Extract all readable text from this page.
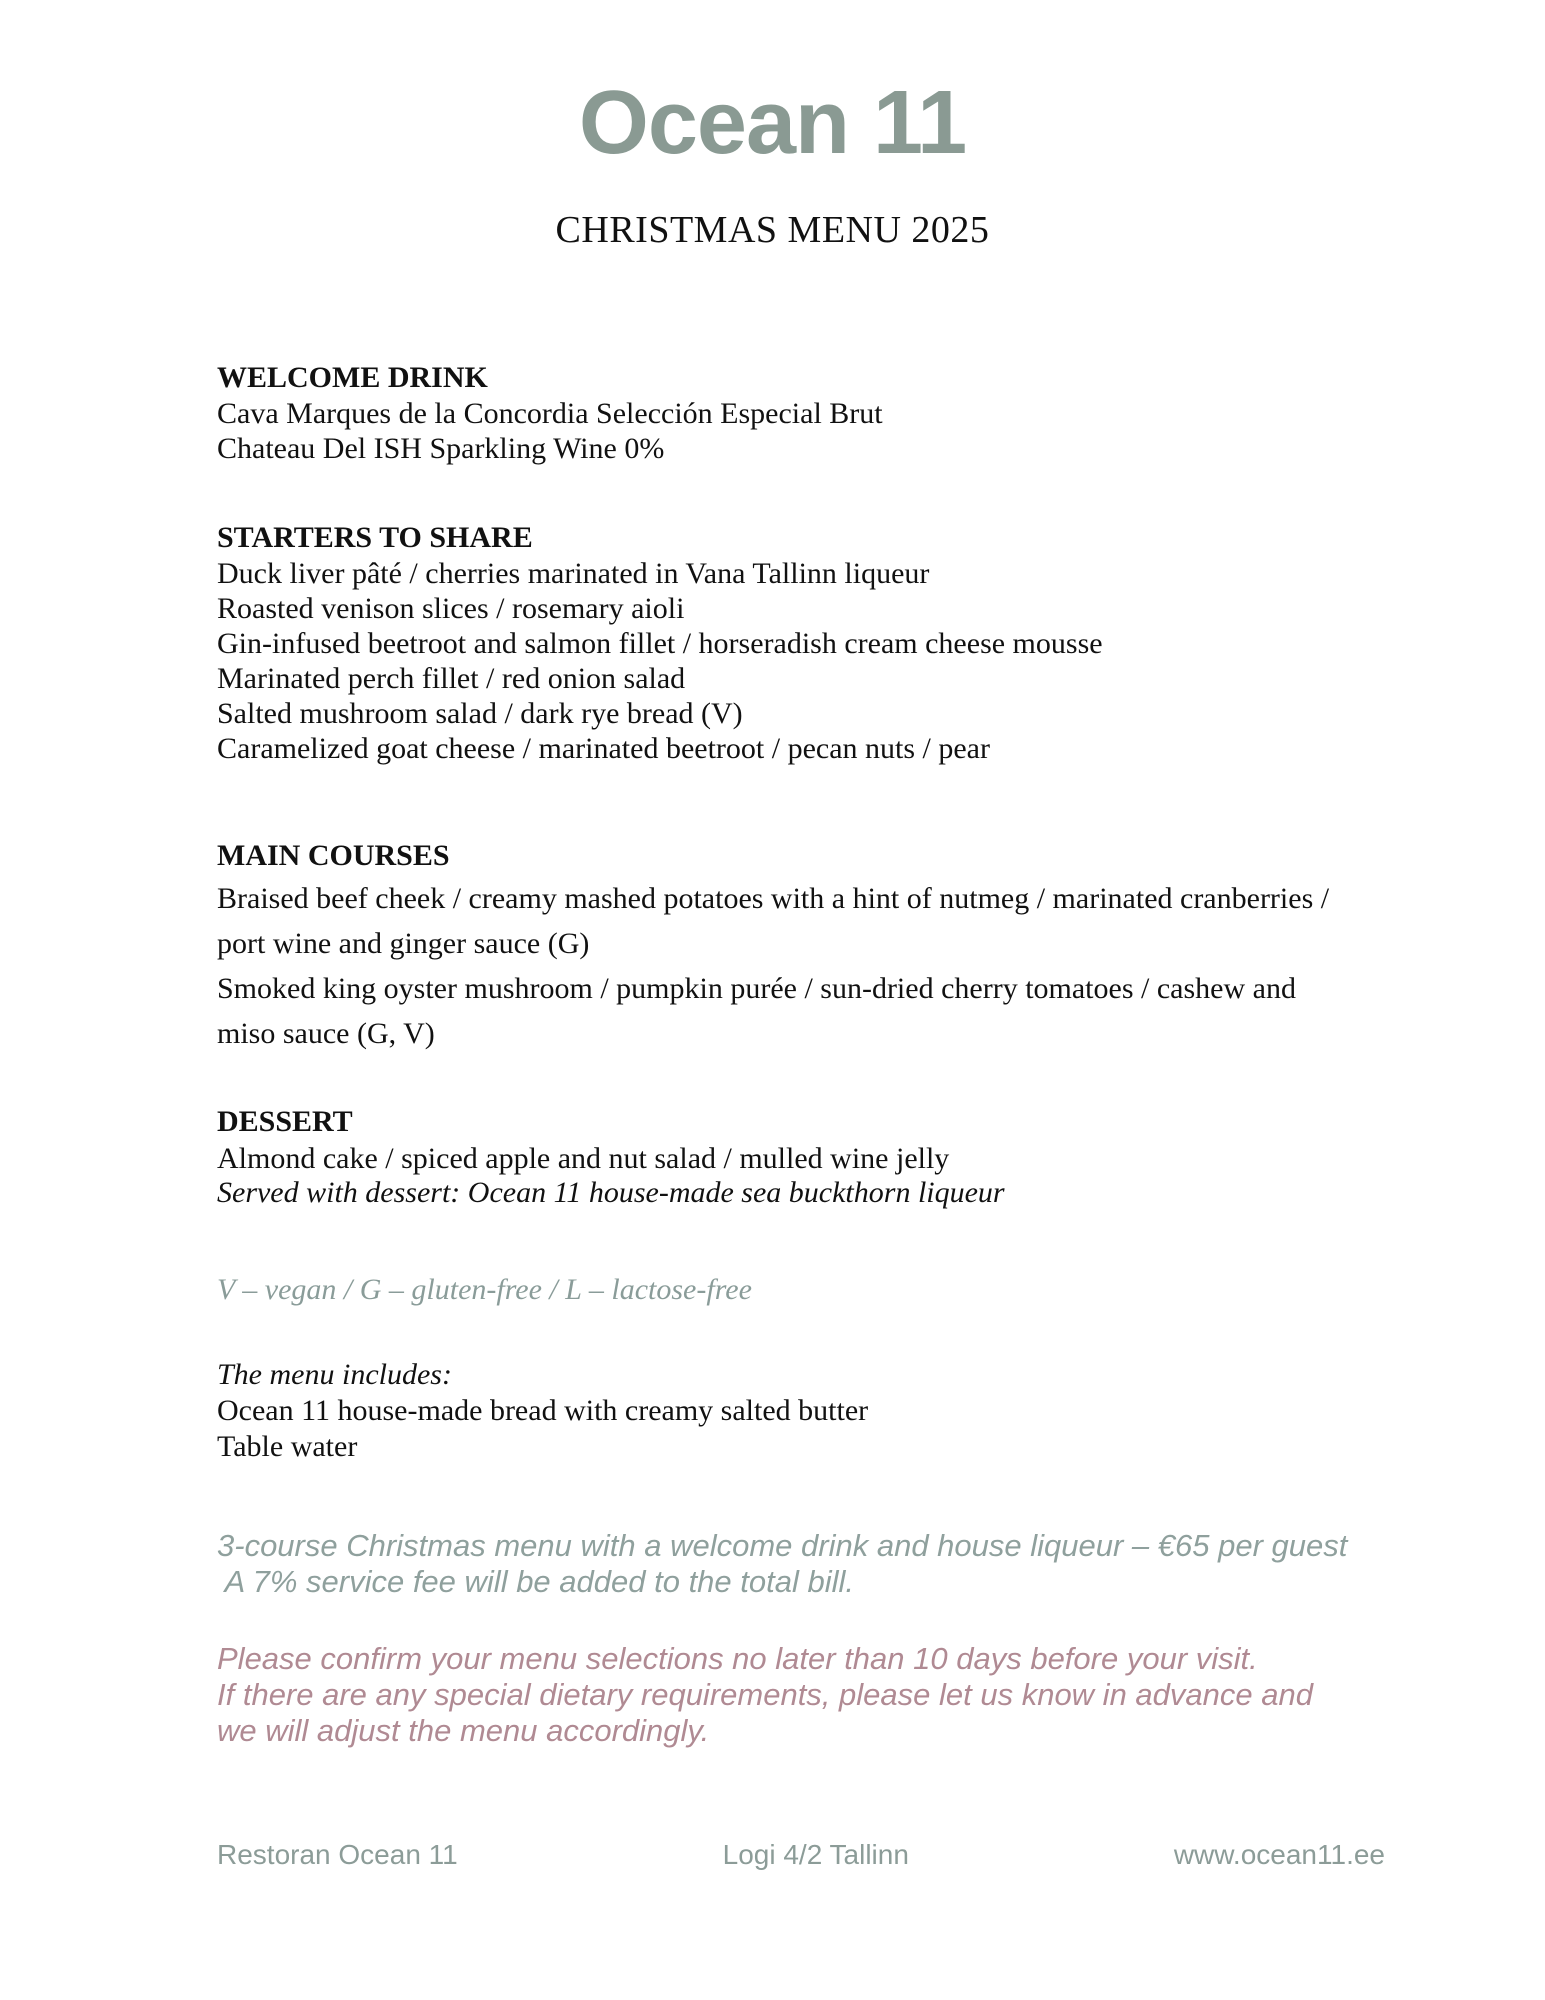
Ocean 11
CHRISTMAS MENU 2025
WELCOME DRINK
Cava Marques de la Concordia Selección Especial Brut
Chateau Del ISH Sparkling Wine 0%
STARTERS TO SHARE
Duck liver pâté / cherries marinated in Vana Tallinn liqueur
Roasted venison slices / rosemary aioli
Gin-infused beetroot and salmon fillet / horseradish cream cheese mousse
Marinated perch fillet / red onion salad
Salted mushroom salad / dark rye bread (V)
Caramelized goat cheese / marinated beetroot / pecan nuts / pear
MAIN COURSES
Braised beef cheek / creamy mashed potatoes with a hint of nutmeg / marinated cranberries /
port wine and ginger sauce (G)
Smoked king oyster mushroom / pumpkin purée / sun-dried cherry tomatoes / cashew and
miso sauce (G, V)
DESSERT
Almond cake / spiced apple and nut salad / mulled wine jelly
Served with dessert: Ocean 11 house-made sea buckthorn liqueur
V – vegan / G – gluten-free / L – lactose-free
The menu includes:
Ocean 11 house-made bread with creamy salted butter
Table water
3-course Christmas menu with a welcome drink and house liqueur – €65 per guest
A 7% service fee will be added to the total bill.
Please confirm your menu selections no later than 10 days before your visit.
If there are any special dietary requirements, please let us know in advance and
we will adjust the menu accordingly.
Restoran Ocean 11	Logi 4/2 Tallinn	www.ocean11.ee
